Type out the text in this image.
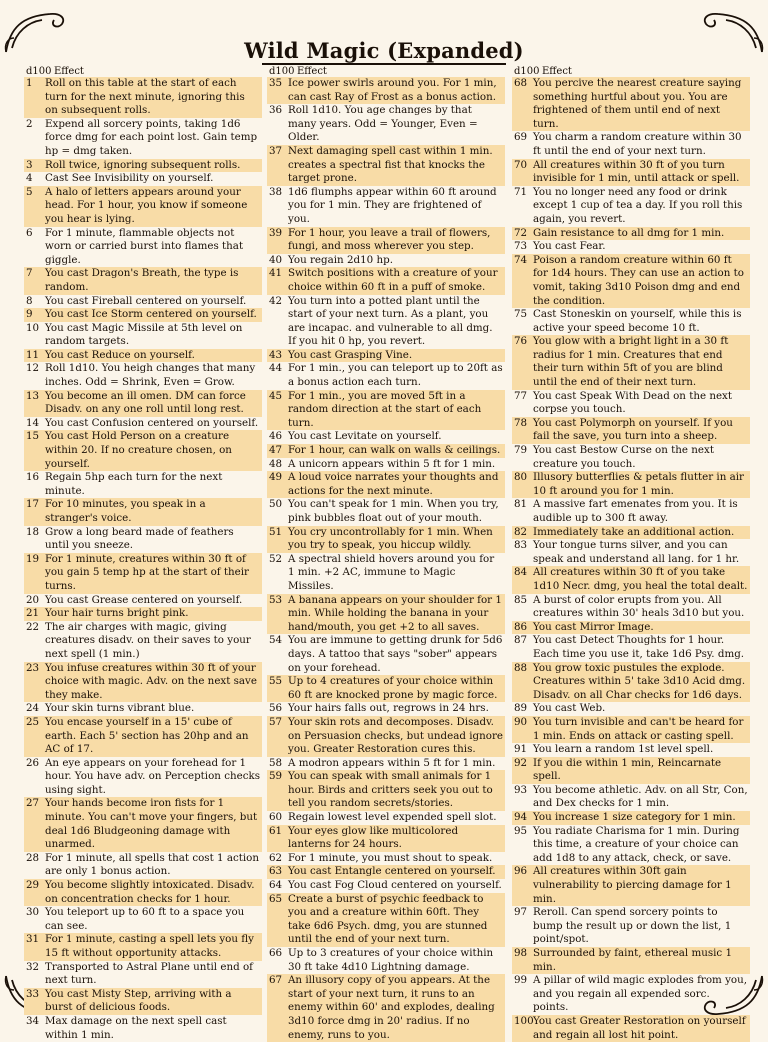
Wild Magic (Expanded)
d100 Effect
1	Roll on this table at the start of each turn for the next minute, ignoring this on subsequent rolls.
2	Expend all sorcery points, taking 1d6 force dmg for each point lost. Gain temp hp = dmg taken.
3	Roll twice, ignoring subsequent rolls.
4	Cast See Invisibility on yourself.
5	A halo of letters appears around your head. For 1 hour, you know if someone you hear is lying.
6	For 1 minute, flammable objects not worn or carried burst into flames that giggle.
7	You cast Dragon's Breath, the type is random.
8	You cast Fireball centered on yourself.
9	You cast Ice Storm centered on yourself.
10 You cast Magic Missile at 5th level on random targets.
11 You cast Reduce on yourself.
12 Roll 1d10. You heigh changes that many inches. Odd = Shrink, Even = Grow.
13 You become an ill omen. DM can force Disadv. on any one roll until long rest.
14 You cast Confusion centered on yourself.
15 You cast Hold Person on a creature within 20. If no creature chosen, on yourself.
16 Regain 5hp each turn for the next minute.
17 For 10 minutes, you speak in a stranger's voice.
18 Grow a long beard made of feathers until you sneeze.
19 For 1 minute, creatures within 30 ft of you gain 5 temp hp at the start of their turns.
20 You cast Grease centered on yourself.
21 Your hair turns bright pink.
22 The air charges with magic, giving creatures disadv. on their saves to your next spell (1 min.)
23 You infuse creatures within 30 ft of your choice with magic. Adv. on the next save they make.
24 Your skin turns vibrant blue.
25 You encase yourself in a 15' cube of earth. Each 5' section has 20hp and an AC of 17.
26 An eye appears on your forehead for 1 hour. You have adv. on Perception checks using sight.
27 Your hands become iron fists for 1 minute. You can't move your fingers, but deal 1d6 Bludgeoning damage with unarmed.
28 For 1 minute, all spells that cost 1 action are only 1 bonus action.
29 You become slightly intoxicated. Disadv. on concentration checks for 1 hour.
30 You teleport up to 60 ft to a space you can see.
31 For 1 minute, casting a spell lets you fly 15 ft without opportunity attacks.
32 Transported to Astral Plane until end of next turn.
33 You cast Misty Step, arriving with a burst of delicious foods.
34 Max damage on the next spell cast within 1 min.
d100 Effect
35 Ice power swirls around you. For 1 min, can cast Ray of Frost as a bonus action.
36 Roll 1d10. You age changes by that many years. Odd = Younger, Even = Older.
37 Next damaging spell cast within 1 min. creates a spectral fist that knocks the target prone.
38 1d6 flumphs appear within 60 ft around you for 1 min. They are frightened of you.
39 For 1 hour, you leave a trail of flowers, fungi, and moss wherever you step.
40 You regain 2d10 hp.
41 Switch positions with a creature of your choice within 60 ft in a puff of smoke.
42 You turn into a potted plant until the start of your next turn. As a plant, you are incapac. and vulnerable to all dmg. If you hit 0 hp, you revert.
43 You cast Grasping Vine.
44 For 1 min., you can teleport up to 20ft as a bonus action each turn.
45 For 1 min., you are moved 5ft in a random direction at the start of each turn.
46 You cast Levitate on yourself.
47 For 1 hour, can walk on walls & ceilings.
48 A unicorn appears within 5 ft for 1 min.
49 A loud voice narrates your thoughts and actions for the next minute.
50 You can't speak for 1 min. When you try, pink bubbles float out of your mouth.
51 You cry uncontrollably for 1 min. When you try to speak, you hiccup wildly.
52 A spectral shield hovers around you for 1 min. +2 AC, immune to Magic Missiles.
53 A banana appears on your shoulder for 1 min. While holding the banana in your hand/mouth, you get +2 to all saves.
54 You are immune to getting drunk for 5d6 days. A tattoo that says "sober" appears on your forehead.
55 Up to 4 creatures of your choice within 60 ft are knocked prone by magic force.
56 Your hairs falls out, regrows in 24 hrs.
57 Your skin rots and decomposes. Disadv. on Persuasion checks, but undead ignore you. Greater Restoration cures this.
58 A modron appears within 5 ft for 1 min.
59 You can speak with small animals for 1 hour. Birds and critters seek you out to tell you random secrets/stories.
60 Regain lowest level expended spell slot.
61 Your eyes glow like multicolored lanterns for 24 hours.
62 For 1 minute, you must shout to speak.
63 You cast Entangle centered on yourself.
64 You cast Fog Cloud centered on yourself.
65 Create a burst of psychic feedback to you and a creature within 60ft. They take 6d6 Psych. dmg, you are stunned until the end of your next turn.
66 Up to 3 creatures of your choice within 30 ft take 4d10 Lightning damage.
67 An illusory copy of you appears. At the start of your next turn, it runs to an enemy within 60' and explodes, dealing 3d10 force dmg in 20' radius. If no enemy, runs to you.
d100 Effect
68 You percive the nearest creature saying something hurtful about you. You are frightened of them until end of next turn.
69 You charm a random creature within 30 ft until the end of your next turn.
70 All creatures within 30 ft of you turn invisible for 1 min, until attack or spell.
71 You no longer need any food or drink except 1 cup of tea a day. If you roll this again, you revert.
72 Gain resistance to all dmg for 1 min.
73 You cast Fear.
74 Poison a random creature within 60 ft for 1d4 hours. They can use an action to vomit, taking 3d10 Poison dmg and end the condition.
75 Cast Stoneskin on yourself, while this is active your speed become 10 ft.
76 You glow with a bright light in a 30 ft radius for 1 min. Creatures that end their turn within 5ft of you are blind until the end of their next turn.
77 You cast Speak With Dead on the next corpse you touch.
78 You cast Polymorph on yourself. If you fail the save, you turn into a sheep.
79 You cast Bestow Curse on the next creature you touch.
80 Illusory butterflies & petals flutter in air 10 ft around you for 1 min.
81 A massive fart emenates from you. It is audible up to 300 ft away.
82 Immediately take an additional action.
83 Your tongue turns silver, and you can speak and understand all lang. for 1 hr.
84 All creatures within 30 ft of you take 1d10 Necr. dmg, you heal the total dealt.
85 A burst of color erupts from you. All creatures within 30' heals 3d10 but you.
86 You cast Mirror Image.
87 You cast Detect Thoughts for 1 hour. Each time you use it, take 1d6 Psy. dmg.
88 You grow toxic pustules the explode. Creatures within 5' take 3d10 Acid dmg. Disadv. on all Char checks for 1d6 days.
89 You cast Web.
90 You turn invisible and can't be heard for 1 min. Ends on attack or casting spell.
91 You learn a random 1st level spell.
92 If you die within 1 min, Reincarnate spell.
93 You become athletic. Adv. on all Str, Con, and Dex checks for 1 min.
94 You increase 1 size category for 1 min.
95 You radiate Charisma for 1 min. During this time, a creature of your choice can add 1d8 to any attack, check, or save.
96 All creatures within 30ft gain vulnerability to piercing damage for 1 min.
97 Reroll. Can spend sorcery points to bump the result up or down the list, 1 point/spot.
98 Surrounded by faint, ethereal music 1 min.
99 A pillar of wild magic explodes from you, and you regain all expended sorc. points.
100 You cast Greater Restoration on yourself and regain all lost hit point.
